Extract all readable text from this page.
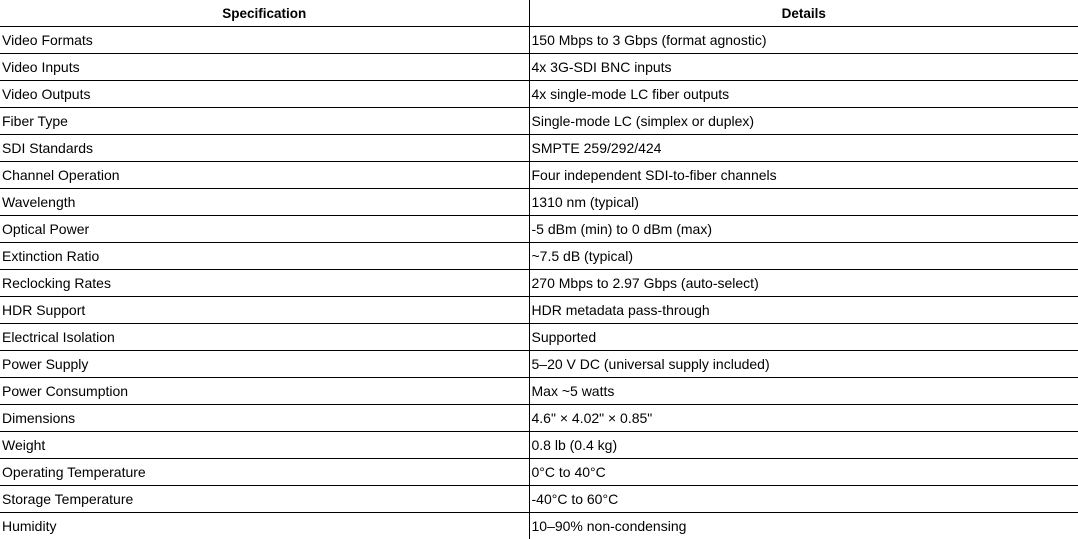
Specification	Details
Video Formats	150 Mbps to 3 Gbps (format agnostic)
Video Inputs	4x 3G-SDI BNC inputs
Video Outputs	4x single-mode LC fiber outputs
Fiber Type	Single-mode LC (simplex or duplex)
SDI Standards	SMPTE 259/292/424
Channel Operation	Four independent SDI-to-fiber channels
Wavelength	1310 nm (typical)
Optical Power	-5 dBm (min) to 0 dBm (max)
Extinction Ratio	~7.5 dB (typical)
Reclocking Rates	270 Mbps to 2.97 Gbps (auto-select)
HDR Support	HDR metadata pass-through
Electrical Isolation	Supported
Power Supply	5–20 V DC (universal supply included)
Power Consumption	Max ~5 watts
Dimensions	4.6" × 4.02" × 0.85"
Weight	0.8 lb (0.4 kg)
Operating Temperature	0°C to 40°C
Storage Temperature	-40°C to 60°C
Humidity	10–90% non-condensing
